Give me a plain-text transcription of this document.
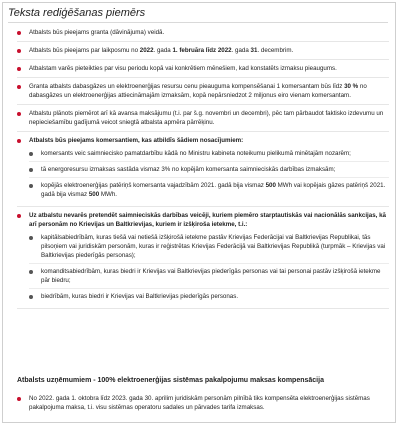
Teksta rediģēšanas piemērs
Atbalsts būs pieejams granta (dāvinājuma) veidā.
Atbalsts būs pieejams par laikposmu no 2022. gada 1. februāra līdz 2022. gada 31. decembrim.
Atbalstam varēs pieteikties par visu periodu kopā vai konkrētiem mēnešiem, kad konstatēts izmaksu pieaugums.
Granta atbalsts dabasgāzes un elektroenerģijas resursu cenu pieauguma kompensēšanai 1 komersantam būs līdz 30 % no dabasgāzes un elektroenerģijas attiecināmajām izmaksām, kopā nepārsniedzot 2 miljonus eiro vienam komersantam.
Atbalstu plānots piemērot arī kā avansa maksājumu (t.i. par š.g. novembri un decembri), pēc tam pārbaudot faktisko izdevumu un nepieciešamību gadījumā veicot sniegtā atbalsta apmēra pārrēķinu.
Atbalsts būs pieejams komersantiem, kas atbildīs šādiem nosacījumiem:
komersants veic saimniecisko pamatdarbību kādā no Ministru kabineta noteikumu pielikumā minētajām nozarēm;
tā energoresursu izmaksas sastāda vismaz 3% no kopējām komersanta saimnieciskās darbības izmaksām;
kopējās elektroenerģijas patēriņš komersanta vajadzībām 2021. gadā bija vismaz 500 MWh vai kopējais gāzes patēriņš 2021. gadā bija vismaz 500 MWh.
Uz atbalstu nevarēs pretendēt saimnieciskās darbības veicēji, kuriem piemēro starptautiskās vai nacionālās sankcijas, kā arī personām no Krievijas un Baltkrievijas, kuriem ir izšķiroša ietekme, t.i.:
kapitālsabiedrībām, kuras tiešā vai netiešā izšķirošā ietekme pastāv Krievijas Federācijai vai Baltkrievijas Republikai, tās pilsoņiem vai juridiskām personām, kuras ir reģistrētas Krievijas Federācijā vai Baltkrievijas Republikā (turpmāk – Krievijas vai Baltkrievijas piederīgās personas);
komanditsabiedrībām, kuras biedri ir Krievijas vai Baltkrievijas piederīgās personas vai tai personai pastāv izšķirošā ietekme pār biedru;
biedrībām, kuras biedri ir Krievijas vai Baltkrievijas piederīgās personas.
Atbalsts uzņēmumiem - 100% elektroenerģijas sistēmas pakalpojumu maksas kompensācija
No 2022. gada 1. oktobra līdz 2023. gada 30. aprilim juridiskām personām pilnībā tiks kompensēta elektroenerģijas sistēmas pakalpojuma maksa, t.i. visu sistēmas operatoru sadales un pārvades tarifa izmaksas.
